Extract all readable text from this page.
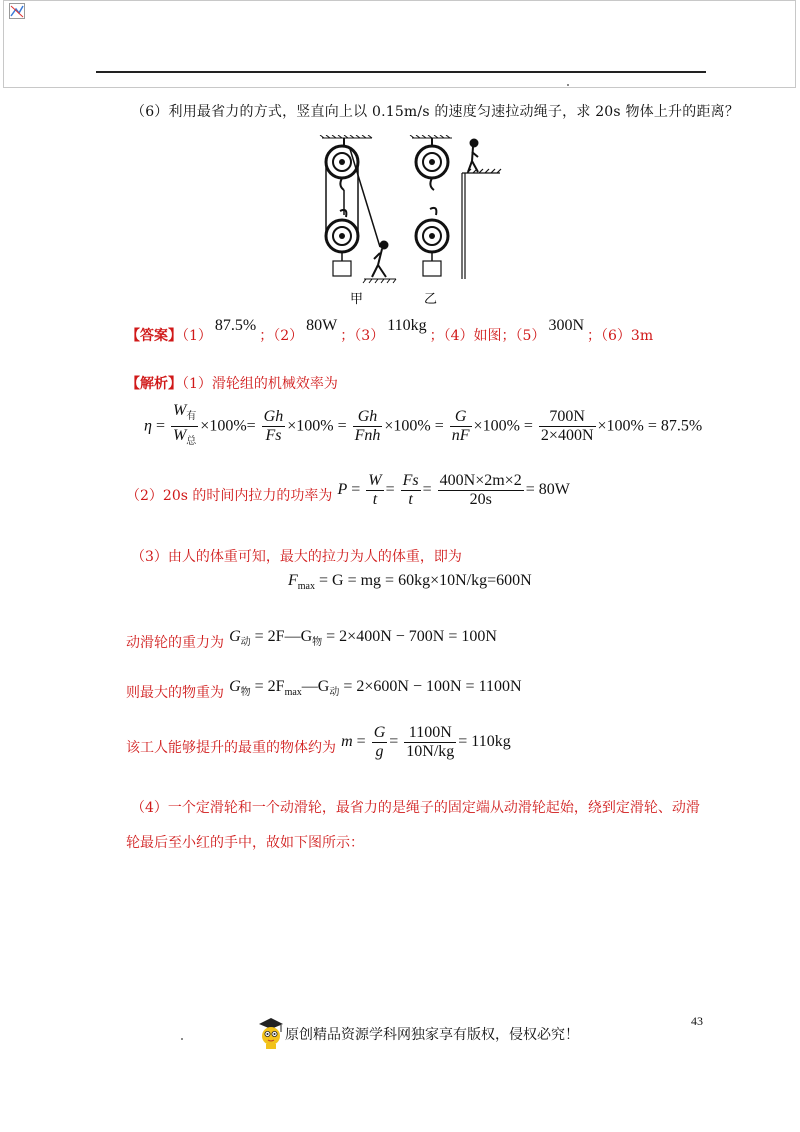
（6）利用最省力的方式，竖直向上以 0.15m/s 的速度匀速拉动绳子，求 20s 物体上升的距离？
甲	乙
【答案】（1）87.5%；（2）80W；（3）110kg；（4）如图；（5）300N；（6）3m
【解析】（1）滑轮组的机械效率为
$\eta = \frac{W_有}{W_总} \times 100\%= \frac{Gh}{Fs} \times 100\% = \frac{Gh}{\text{Fnh}} \times 100\% = \frac{G}{nF} \times 100\% = \frac{700N}{2\times 400N} \times 100\% = 87.5\%$
（2）20s 的时间内拉力的功率为 $P = \frac{W}{t} = \frac{Fs}{t} = \frac{400N\times 2m\times 2}{20s} = 80W$
（3）由人的体重可知，最大的拉力为人的体重，即为
$F_{max} = G$ = mg = 60kg×10N/kg=600N
动滑轮的重力为 $G_动$ = $2F—G_物 = 2\times 400N - 700N = 100N$
则最大的物重为 $G_物$ = $2F_{max}—G_动 = 2\times 600N - 100N = 1100N$
该工人能够提升的最重的物体约为 $m = \frac{G}{g} = \frac{1100N}{10N/kg} = 110kg$
（4）一个定滑轮和一个动滑轮，最省力的是绳子的固定端从动滑轮起始，绕到定滑轮、动滑
轮最后至小红的手中，故如下图所示：
43
原创精品资源学科网独家享有版权，侵权必究！
